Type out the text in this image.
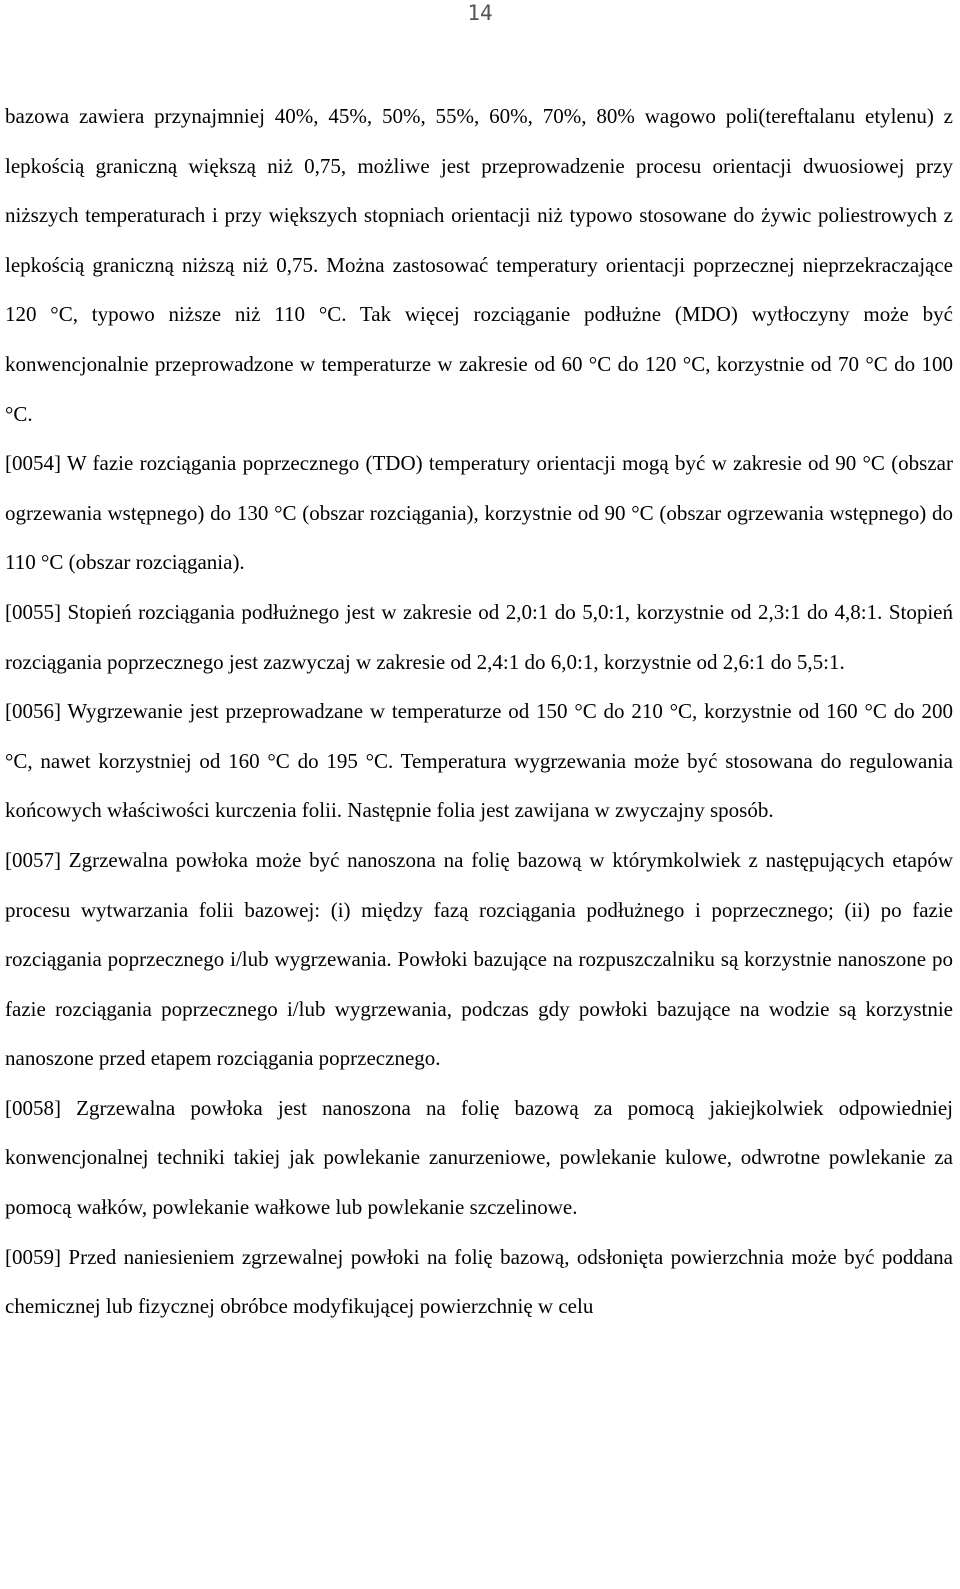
14

bazowa zawiera przynajmniej 40%, 45%, 50%, 55%, 60%, 70%, 80% wagowo poli(tereftalanu etylenu) z lepkością graniczną większą niż 0,75, możliwe jest przeprowadzenie procesu orientacji dwuosiowej przy niższych temperaturach i przy większych stopniach orientacji niż typowo stosowane do żywic poliestrowych z lepkością graniczną niższą niż 0,75. Można zastosować temperatury orientacji poprzecznej nieprzekraczające 120 °C, typowo niższe niż 110 °C. Tak więcej rozciąganie podłużne (MDO) wytłoczyny może być konwencjonalnie przeprowadzone w temperaturze w zakresie od 60 °C do 120 °C, korzystnie od 70 °C do 100 °C.

[0054] W fazie rozciągania poprzecznego (TDO) temperatury orientacji mogą być w zakresie od 90 °C (obszar ogrzewania wstępnego) do 130 °C (obszar rozciągania), korzystnie od 90 °C (obszar ogrzewania wstępnego) do 110 °C (obszar rozciągania).

[0055] Stopień rozciągania podłużnego jest w zakresie od 2,0:1 do 5,0:1, korzystnie od 2,3:1 do 4,8:1. Stopień rozciągania poprzecznego jest zazwyczaj w zakresie od 2,4:1 do 6,0:1, korzystnie od 2,6:1 do 5,5:1.

[0056] Wygrzewanie jest przeprowadzane w temperaturze od 150 °C do 210 °C, korzystnie od 160 °C do 200 °C, nawet korzystniej od 160 °C do 195 °C. Temperatura wygrzewania może być stosowana do regulowania końcowych właściwości kurczenia folii. Następnie folia jest zawijana w zwyczajny sposób.

[0057] Zgrzewalna powłoka może być nanoszona na folię bazową w którymkolwiek z następujących etapów procesu wytwarzania folii bazowej: (i) między fazą rozciągania podłużnego i poprzecznego; (ii) po fazie rozciągania poprzecznego i/lub wygrzewania. Powłoki bazujące na rozpuszczalniku są korzystnie nanoszone po fazie rozciągania poprzecznego i/lub wygrzewania, podczas gdy powłoki bazujące na wodzie są korzystnie nanoszone przed etapem rozciągania poprzecznego.

[0058] Zgrzewalna powłoka jest nanoszona na folię bazową za pomocą jakiejkolwiek odpowiedniej konwencjonalnej techniki takiej jak powlekanie zanurzeniowe, powlekanie kulowe, odwrotne powlekanie za pomocą wałków, powlekanie wałkowe lub powlekanie szczelinowe.

[0059] Przed naniesieniem zgrzewalnej powłoki na folię bazową, odsłonięta powierzchnia może być poddana chemicznej lub fizycznej obróbce modyfikującej powierzchnię w celu
